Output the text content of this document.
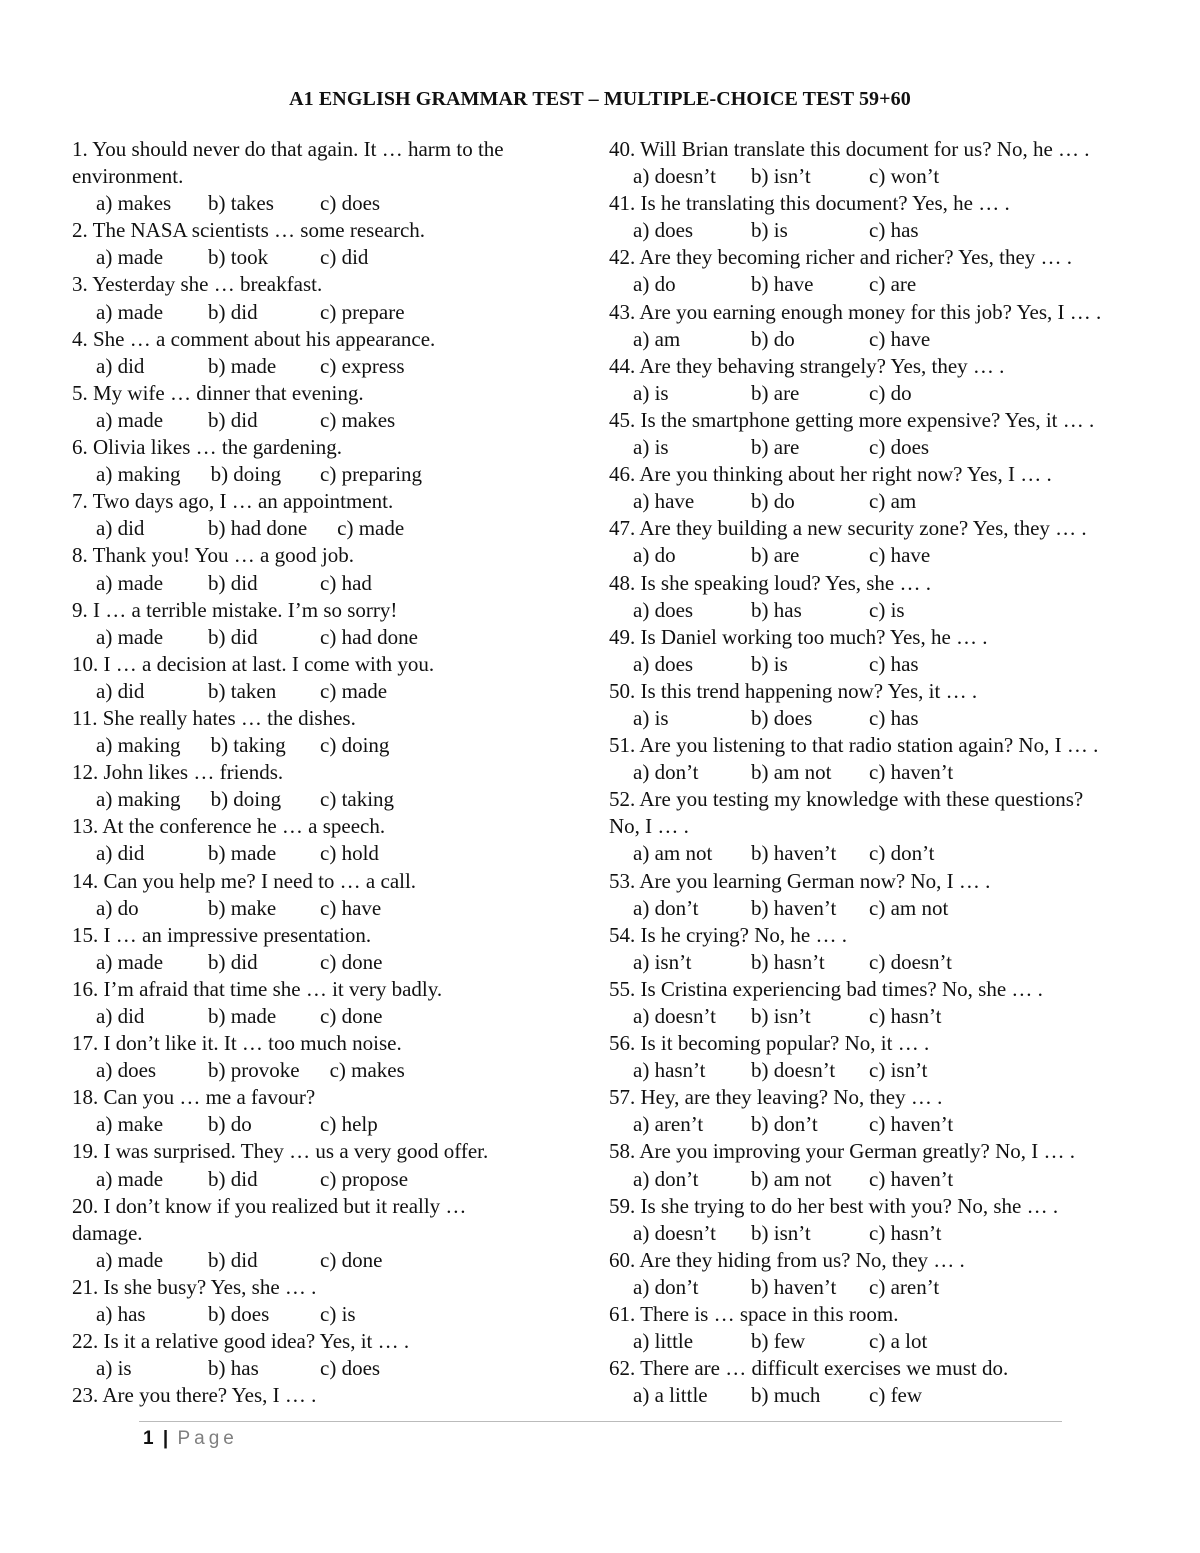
A1 ENGLISH GRAMMAR TEST – MULTIPLE-CHOICE TEST 59+60
1. You should never do that again. It … harm to the
environment.
a) makes b) takes c) does
2. The NASA scientists … some research.
a) made b) took c) did
3. Yesterday she … breakfast.
a) made b) did	c) prepare
4. She … a comment about his appearance.
a) did	b) made c) express
5. My wife … dinner that evening.
a) made b) did	c) makes
6. Olivia likes … the gardening.
a) making b) doing c) preparing
7. Two days ago, I … an appointment.
a) did	b) had done c) made
8. Thank you! You … a good job.
a) made b) did	c) had
9. I … a terrible mistake. I’m so sorry!
a) made b) did	c) had done
10. I … a decision at last. I come with you.
a) did	b) taken c) made
11. She really hates … the dishes.
a) making b) taking c) doing
12. John likes … friends.
a) making b) doing c) taking
13. At the conference he … a speech.
a) did	b) made c) hold
14. Can you help me? I need to … a call.
a) do	b) make c) have
15. I … an impressive presentation.
a) made b) did	c) done
16. I’m afraid that time she … it very badly.
a) did	b) made c) done
17. I don’t like it. It … too much noise.
a) does b) provoke c) makes
18. Can you … me a favour?
a) make b) do	c) help
19. I was surprised. They … us a very good offer.
a) made b) did	c) propose
20. I don’t know if you realized but it really …
damage.
a) made b) did	c) done
21. Is she busy? Yes, she … .
a) has	b) does c) is
22. Is it a relative good idea? Yes, it … .
a) is	b) has	c) does
23. Are you there? Yes, I … .
40. Will Brian translate this document for us? No, he … .
a) doesn’t b) isn’t	c) won’t
41. Is he translating this document? Yes, he … .
a) does	b) is	c) has
42. Are they becoming richer and richer? Yes, they … .
a) do	b) have	c) are
43. Are you earning enough money for this job? Yes, I … .
a) am	b) do	c) have
44. Are they behaving strangely? Yes, they … .
a) is	b) are	c) do
45. Is the smartphone getting more expensive? Yes, it … .
a) is	b) are	c) does
46. Are you thinking about her right now? Yes, I … .
a) have	b) do	c) am
47. Are they building a new security zone? Yes, they … .
a) do	b) are	c) have
48. Is she speaking loud? Yes, she … .
a) does	b) has	c) is
49. Is Daniel working too much? Yes, he … .
a) does	b) is	c) has
50. Is this trend happening now? Yes, it … .
a) is	b) does	c) has
51. Are you listening to that radio station again? No, I … .
a) don’t b) am not c) haven’t
52. Are you testing my knowledge with these questions?
No, I … .
a) am not b) haven’t c) don’t
53. Are you learning German now? No, I … .
a) don’t b) haven’t c) am not
54. Is he crying? No, he … .
a) isn’t	b) hasn’t c) doesn’t
55. Is Cristina experiencing bad times? No, she … .
a) doesn’t b) isn’t	c) hasn’t
56. Is it becoming popular? No, it … .
a) hasn’t b) doesn’t c) isn’t
57. Hey, are they leaving? No, they … .
a) aren’t b) don’t c) haven’t
58. Are you improving your German greatly? No, I … .
a) don’t b) am not c) haven’t
59. Is she trying to do her best with you? No, she … .
a) doesn’t b) isn’t	c) hasn’t
60. Are they hiding from us? No, they … .
a) don’t b) haven’t c) aren’t
61. There is … space in this room.
a) little	b) few	c) a lot
62. There are … difficult exercises we must do.
a) a little b) much c) few
1 | Page
